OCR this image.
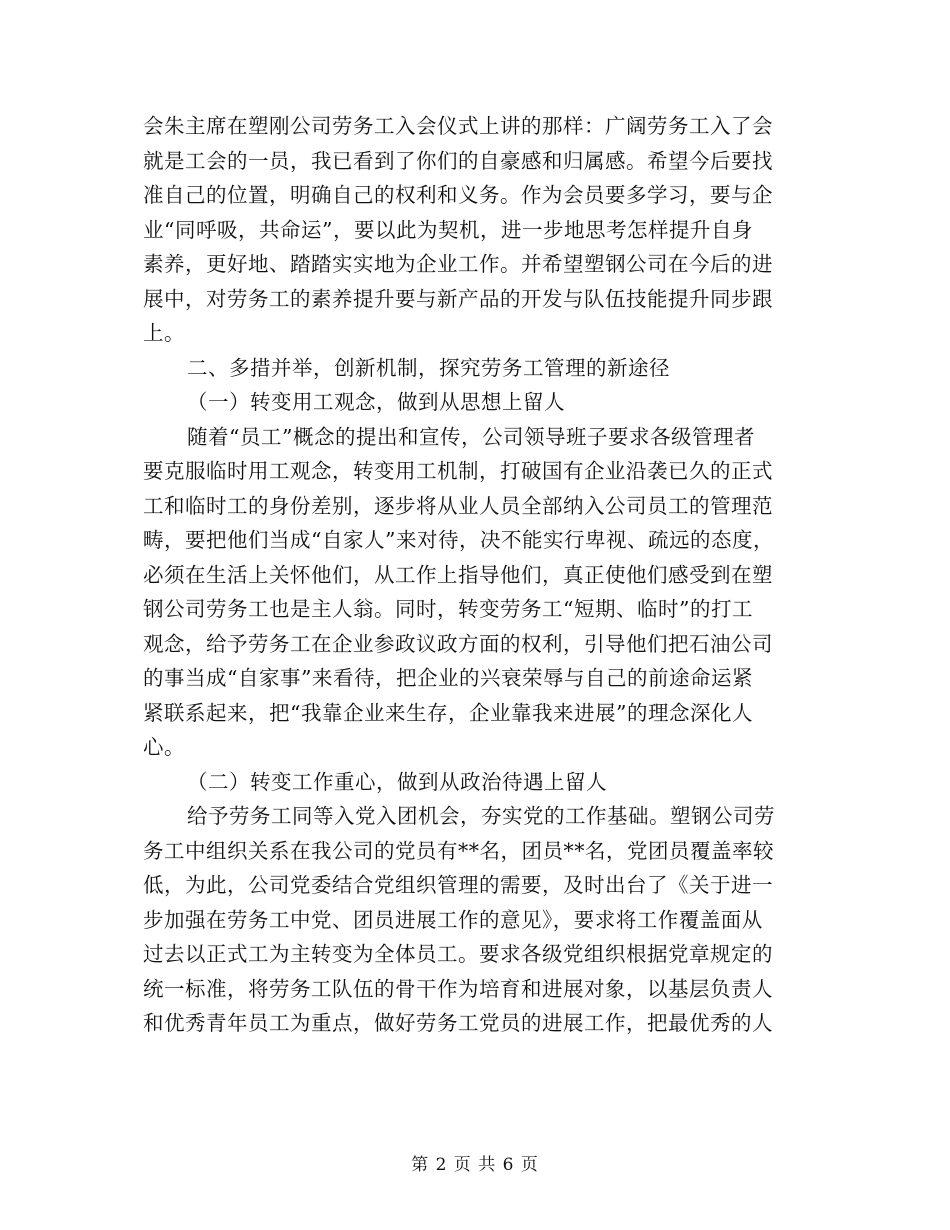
会朱主席在塑刚公司劳务工入会仪式上讲的那样：广阔劳务工入了会
就是工会的一员，我已看到了你们的自豪感和归属感。希望今后要找
准自己的位置，明确自己的权利和义务。作为会员要多学习，要与企
业“同呼吸，共命运”，要以此为契机，进一步地思考怎样提升自身
素养，更好地、踏踏实实地为企业工作。并希望塑钢公司在今后的进
展中，对劳务工的素养提升要与新产品的开发与队伍技能提升同步跟
上。
二、多措并举，创新机制，探究劳务工管理的新途径
（一）转变用工观念，做到从思想上留人
随着“员工”概念的提出和宣传，公司领导班子要求各级管理者
要克服临时用工观念，转变用工机制，打破国有企业沿袭已久的正式
工和临时工的身份差别，逐步将从业人员全部纳入公司员工的管理范
畴，要把他们当成“自家人”来对待，决不能实行卑视、疏远的态度，
必须在生活上关怀他们，从工作上指导他们，真正使他们感受到在塑
钢公司劳务工也是主人翁。同时，转变劳务工“短期、临时”的打工
观念，给予劳务工在企业参政议政方面的权利，引导他们把石油公司
的事当成“自家事”来看待，把企业的兴衰荣辱与自己的前途命运紧
紧联系起来，把“我靠企业来生存，企业靠我来进展”的理念深化人
心。
（二）转变工作重心，做到从政治待遇上留人
给予劳务工同等入党入团机会，夯实党的工作基础。塑钢公司劳
务工中组织关系在我公司的党员有**名，团员**名，党团员覆盖率较
低，为此，公司党委结合党组织管理的需要，及时出台了《关于进一
步加强在劳务工中党、团员进展工作的意见》，要求将工作覆盖面从
过去以正式工为主转变为全体员工。要求各级党组织根据党章规定的
统一标准，将劳务工队伍的骨干作为培育和进展对象，以基层负责人
和优秀青年员工为重点，做好劳务工党员的进展工作，把最优秀的人
第 2 页 共 6 页
